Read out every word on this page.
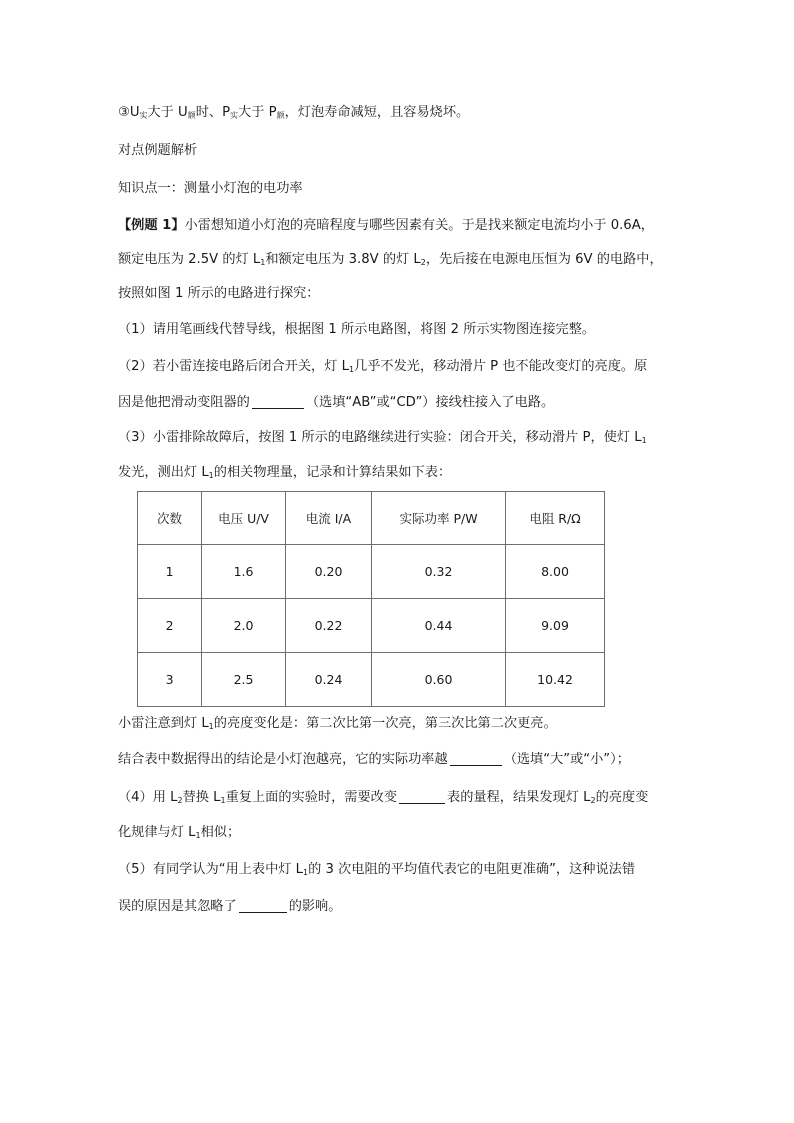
$③U_实$大于 $U_额$时、$P_实$大于 $P_额$，灯泡寿命减短，且容易烧坏。
对点例题解析
知识点一：测量小灯泡的电功率
【例题 1】小雷想知道小灯泡的亮暗程度与哪些因素有关。于是找来额定电流均小于 0.6A，
额定电压为 2.5V 的灯 $L_1$和额定电压为 3.8V 的灯 $L_2$，先后接在电源电压恒为 6V 的电路中，
按照如图 1 所示的电路进行探究：
（1）请用笔画线代替导线，根据图 1 所示电路图，将图 2 所示实物图连接完整。
（2）若小雷连接电路后闭合开关，灯 $L_1$几乎不发光，移动滑片 P 也不能改变灯的亮度。原
因是他把滑动变阻器的	（选填“AB”或“CD”）接线柱接入了电路。
（3）小雷排除故障后，按图 1 所示的电路继续进行实验：闭合开关，移动滑片 P，使灯 $L_1$
发光，测出灯 $L_1$的相关物理量，记录和计算结果如下表：
次数	电压 U/V	电流 I/A	实际功率 P/W	电阻 R/Ω
1	1.6	0.20	0.32	8.00
2	2.0	0.22	0.44	9.09
3	2.5	0.24	0.60	10.42
小雷注意到灯 $L_1$的亮度变化是：第二次比第一次亮，第三次比第二次更亮。
结合表中数据得出的结论是小灯泡越亮，它的实际功率越	（选填“大”或“小”）；
（4）用 $L_2$替换 $L_1$重复上面的实验时，需要改变	表的量程，结果发现灯 $L_2$的亮度变
化规律与灯 $L_1$相似；
（5）有同学认为“用上表中灯 $L_1$的 3 次电阻的平均值代表它的电阻更准确”，这种说法错
误的原因是其忽略了	的影响。
